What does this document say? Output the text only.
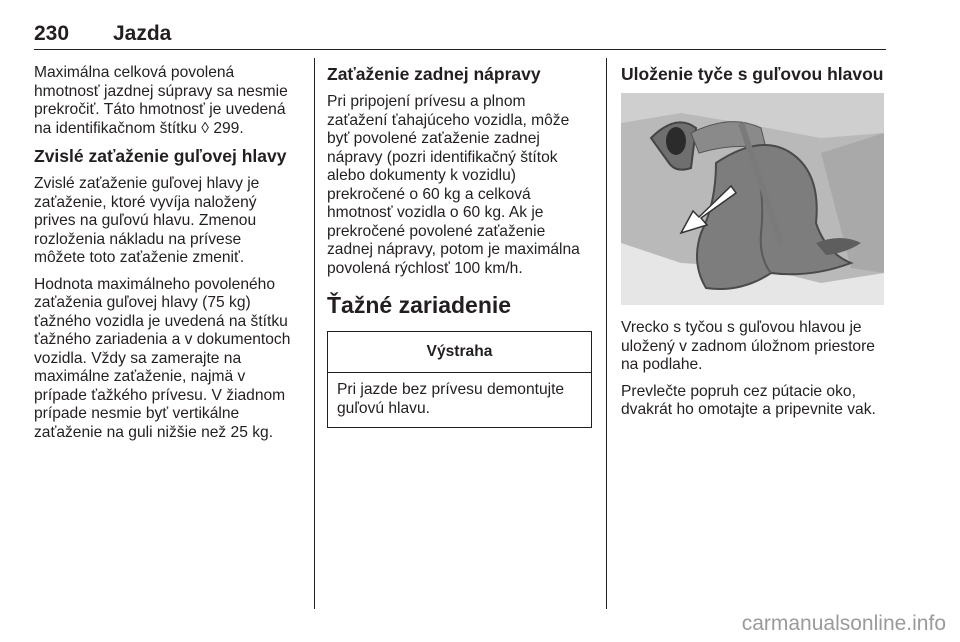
230 Jazda

Maximálna celková povolená
hmotnosť jazdnej súpravy sa nesmie
prekročiť. Táto hmotnosť je uvedená
na identifikačnom štítku ◊ 299.

Zvislé zaťaženie guľovej hlavy

Zvislé zaťaženie guľovej hlavy je
zaťaženie, ktoré vyvíja naložený
prives na guľovú hlavu. Zmenou
rozloženia nákladu na prívese
môžete toto zaťaženie zmeniť.

Hodnota maximálneho povoleného
zaťaženia guľovej hlavy (75 kg)
ťažného vozidla je uvedená na štítku
ťažného zariadenia a v dokumentoch
vozidla. Vždy sa zamerajte na
maximálne zaťaženie, najmä v
prípade ťažkého prívesu. V žiadnom
prípade nesmie byť vertikálne
zaťaženie na guli nižšie než 25 kg.

Zaťaženie zadnej nápravy

Pri pripojení prívesu a plnom
zaťažení ťahajúceho vozidla, môže
byť povolené zaťaženie zadnej
nápravy (pozri identifikačný štítok
alebo dokumenty k vozidlu)
prekročené o 60 kg a celková
hmotnosť vozidla o 60 kg. Ak je
prekročené povolené zaťaženie
zadnej nápravy, potom je maximálna
povolená rýchlosť 100 km/h.

Ťažné zariadenie
Výstraha
Pri jazde bez prívesu demontujte
guľovú hlavu.
Uloženie tyče s guľovou hlavou

Vrecko s tyčou s guľovou hlavou je
uložený v zadnom úložnom priestore
na podlahe.

Prevlečte popruh cez pútacie oko,
dvakrát ho omotajte a pripevnite vak.

carmanualsonline.info
